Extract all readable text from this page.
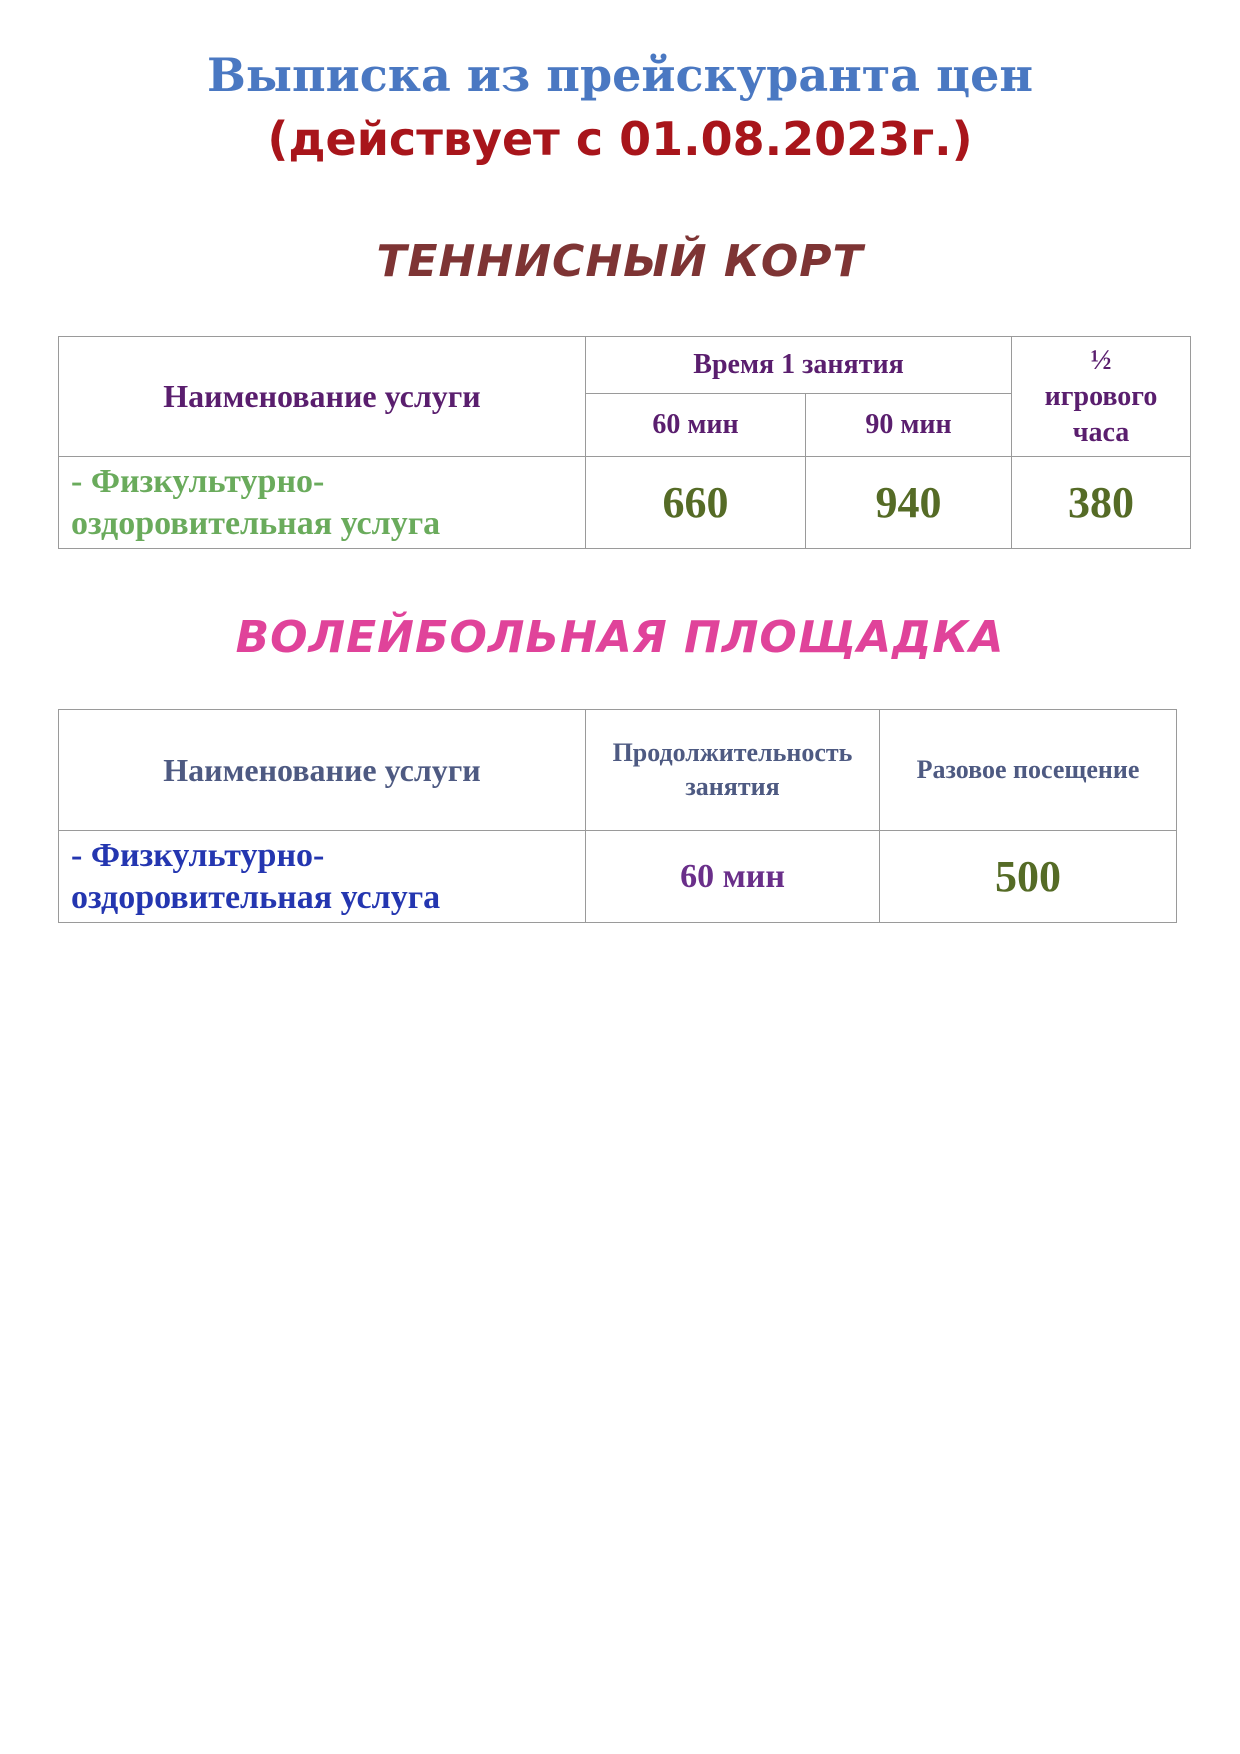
Выписка из прейскуранта цен
(действует с 01.08.2023г.)
ТЕННИСНЫЙ КОРТ
Наименование услуги	Время 1 занятия		½
игрового
часа
	60 мин	90 мин	
- Физкультурно-
оздоровительная услуга	660	940	380
ВОЛЕЙБОЛЬНАЯ ПЛОЩАДКА
Наименование услуги	Продолжительность
занятия	Разовое посещение
- Физкультурно-
оздоровительная услуга	60 мин	500
